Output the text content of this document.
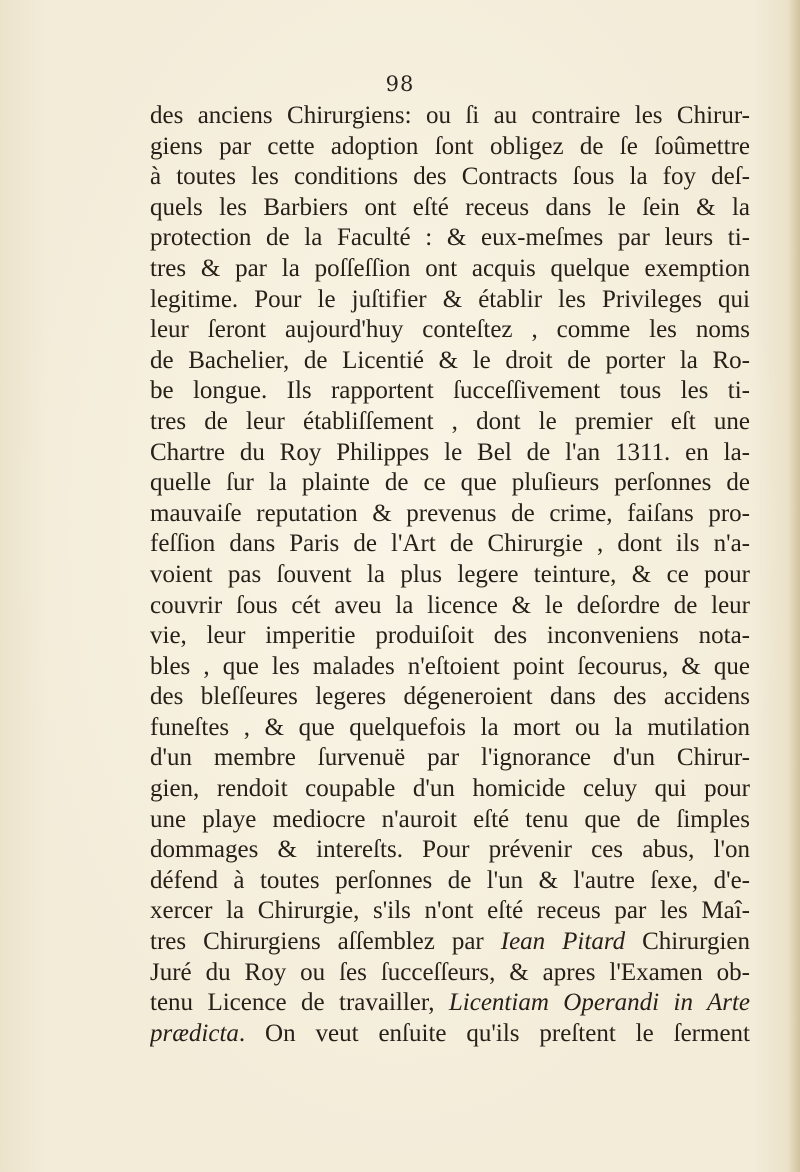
98
des anciens Chirurgiens: ou ſi au contraire les Chirur-
giens par cette adoption ſont obligez de ſe ſoûmettre
à toutes les conditions des Contracts ſous la foy deſ-
quels les Barbiers ont eſté receus dans le ſein & la
protection de la Faculté : & eux-meſmes par leurs ti-
tres & par la poſſeſſion ont acquis quelque exemption
legitime. Pour le juſtifier & établir les Privileges qui
leur ſeront aujourd'huy conteſtez , comme les noms
de Bachelier, de Licentié & le droit de porter la Ro-
be longue. Ils rapportent ſucceſſivement tous les ti-
tres de leur établiſſement , dont le premier eſt une
Chartre du Roy Philippes le Bel de l'an 1311. en la-
quelle ſur la plainte de ce que pluſieurs perſonnes de
mauvaiſe reputation & prevenus de crime, faiſans pro-
feſſion dans Paris de l'Art de Chirurgie , dont ils n'a-
voient pas ſouvent la plus legere teinture, & ce pour
couvrir ſous cét aveu la licence & le deſordre de leur
vie, leur imperitie produiſoit des inconveniens nota-
bles , que les malades n'eſtoient point ſecourus, & que
des bleſſeures legeres dégeneroient dans des accidens
funeſtes , & que quelquefois la mort ou la mutilation
d'un membre ſurvenuë par l'ignorance d'un Chirur-
gien, rendoit coupable d'un homicide celuy qui pour
une playe mediocre n'auroit eſté tenu que de ſimples
dommages & intereſts. Pour prévenir ces abus, l'on
défend à toutes perſonnes de l'un & l'autre ſexe, d'e-
xercer la Chirurgie, s'ils n'ont eſté receus par les Maî-
tres Chirurgiens aſſemblez par Iean Pitard Chirurgien
Juré du Roy ou ſes ſucceſſeurs, & apres l'Examen ob-
tenu Licence de travailler, Licentiam Operandi in Arte
prædicta. On veut enſuite qu'ils preſtent le ſerment
